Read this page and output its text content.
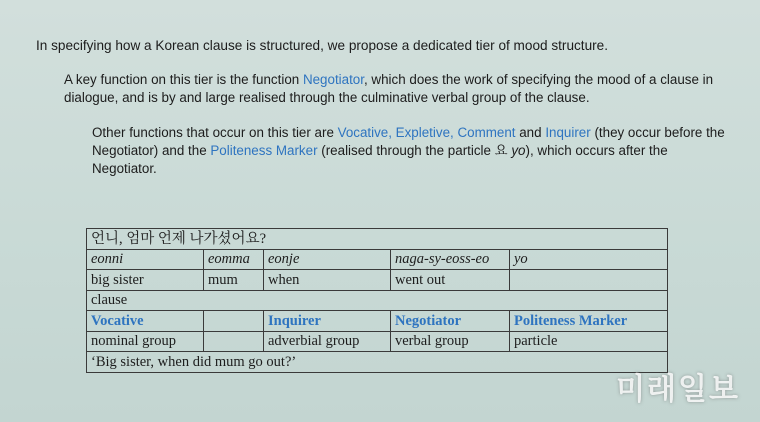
In specifying how a Korean clause is structured, we propose a dedicated tier of mood structure.
A key function on this tier is the function Negotiator, which does the work of specifying the mood of a clause in dialogue, and is by and large realised through the culminative verbal group of the clause.
Other functions that occur on this tier are Vocative, Expletive, Comment and Inquirer (they occur before the Negotiator) and the Politeness Marker (realised through the particle 요 yo), which occurs after the Negotiator.
언니, 엄마 언제 나가셨어요?				
eonni	eomma	eonje	naga-sy-eoss-eo	yo
big sister	mum	when	went out	
clause				
Vocative		Inquirer	Negotiator	Politeness Marker
nominal group		adverbial group	verbal group	particle
‘Big sister, when did mum go out?’				
미래일보
